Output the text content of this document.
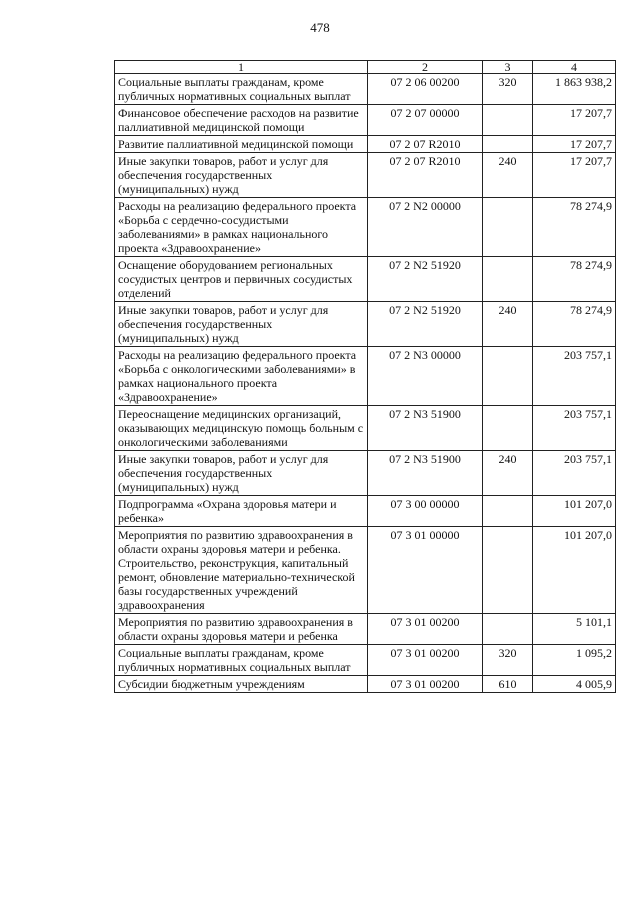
478
1	2	3	4
Социальные выплаты гражданам, кроме публичных нормативных социальных выплат	07 2 06 00200	320	1 863 938,2
Финансовое обеспечение расходов на развитие паллиативной медицинской помощи	07 2 07 00000		17 207,7
Развитие паллиативной медицинской помощи	07 2 07 R2010		17 207,7
Иные закупки товаров, работ и услуг для обеспечения государственных (муниципальных) нужд	07 2 07 R2010	240	17 207,7
Расходы на реализацию федерального проекта «Борьба с сердечно-сосудистыми заболеваниями» в рамках национального проекта «Здравоохранение»	07 2 N2 00000		78 274,9
Оснащение оборудованием региональных сосудистых центров и первичных сосудистых отделений	07 2 N2 51920		78 274,9
Иные закупки товаров, работ и услуг для обеспечения государственных (муниципальных) нужд	07 2 N2 51920	240	78 274,9
Расходы на реализацию федерального проекта «Борьба с онкологическими заболеваниями» в рамках национального проекта «Здравоохранение»	07 2 N3 00000		203 757,1
Переоснащение медицинских организаций, оказывающих медицинскую помощь больным с онкологическими заболеваниями	07 2 N3 51900		203 757,1
Иные закупки товаров, работ и услуг для обеспечения государственных (муниципальных) нужд	07 2 N3 51900	240	203 757,1
Подпрограмма «Охрана здоровья матери и ребенка»	07 3 00 00000		101 207,0
Мероприятия по развитию здравоохранения в области охраны здоровья матери и ребенка. Строительство, реконструкция, капитальный ремонт, обновление материально-технической базы государственных учреждений здравоохранения	07 3 01 00000		101 207,0
Мероприятия по развитию здравоохранения в области охраны здоровья матери и ребенка	07 3 01 00200		5 101,1
Социальные выплаты гражданам, кроме публичных нормативных социальных выплат	07 3 01 00200	320	1 095,2
Субсидии бюджетным учреждениям	07 3 01 00200	610	4 005,9
